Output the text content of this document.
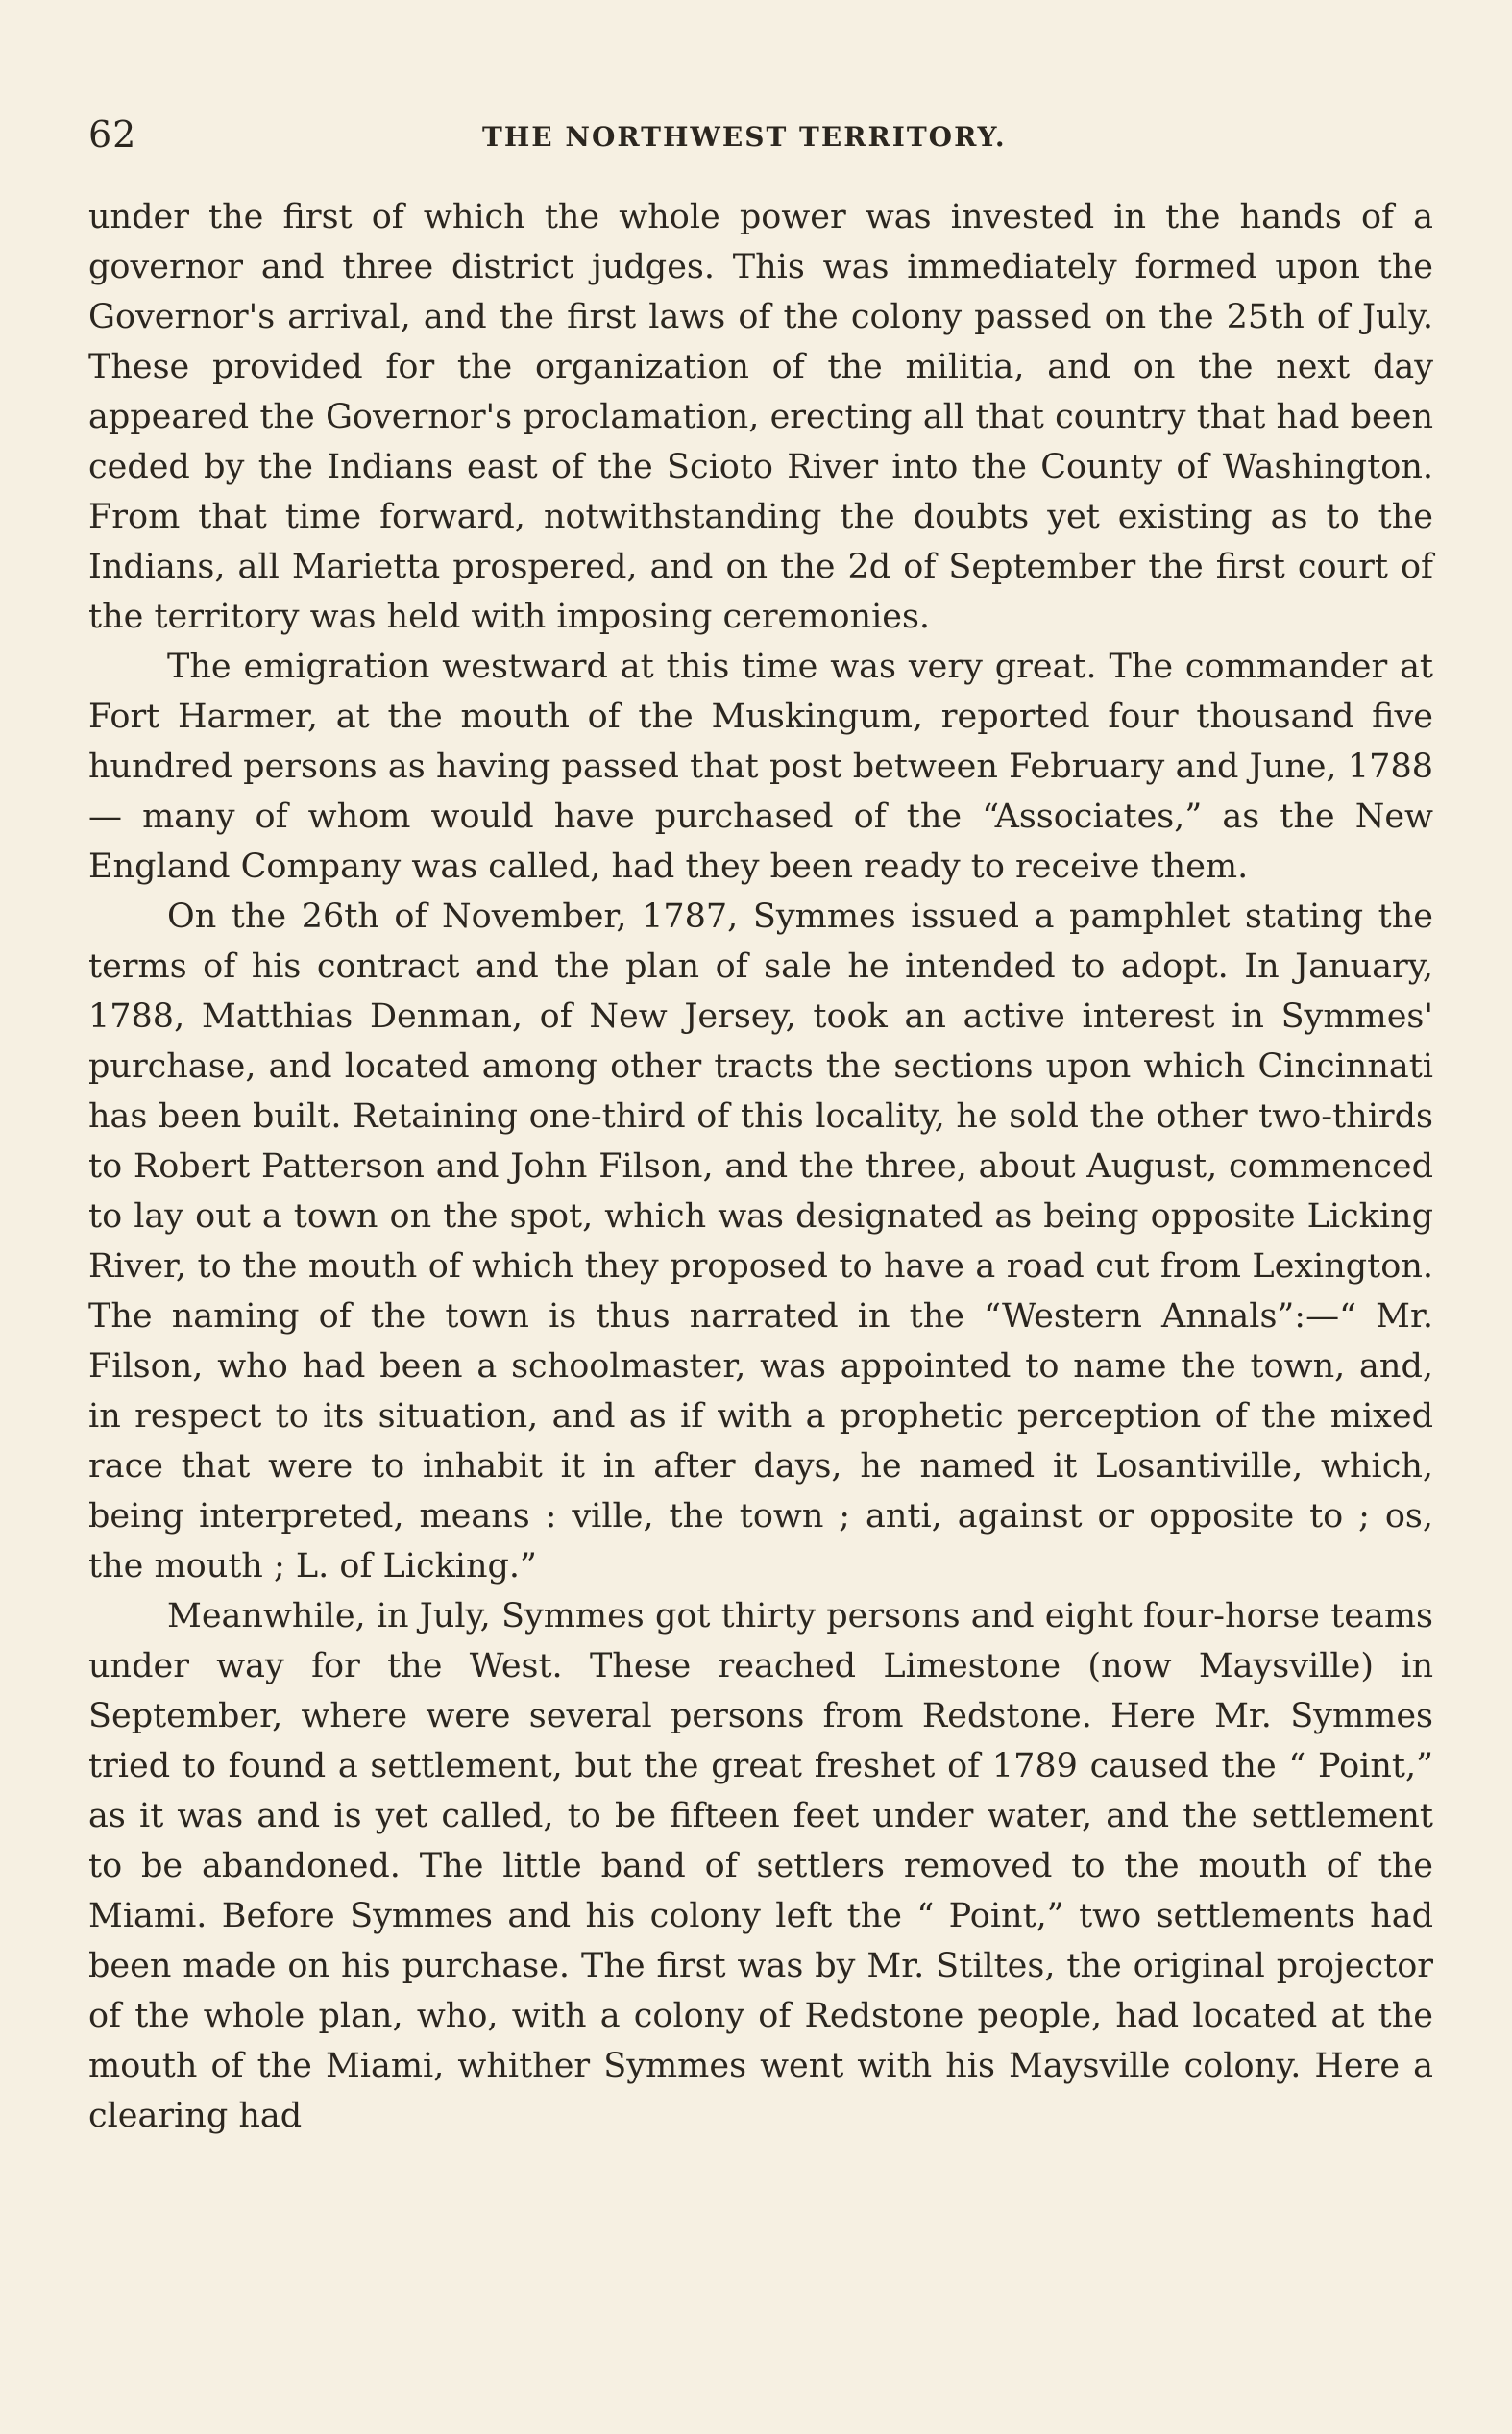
62	THE NORTHWEST TERRITORY.

under the first of which the whole power was invested in the hands of a governor and three district judges. This was immediately formed upon the Governor's arrival, and the first laws of the colony passed on the 25th of July. These provided for the organization of the militia, and on the next day appeared the Governor's proclamation, erecting all that country that had been ceded by the Indians east of the Scioto River into the County of Washington. From that time forward, notwithstanding the doubts yet existing as to the Indians, all Marietta prospered, and on the 2d of September the first court of the territory was held with imposing ceremonies.

The emigration westward at this time was very great. The commander at Fort Harmer, at the mouth of the Muskingum, reported four thousand five hundred persons as having passed that post between February and June, 1788 — many of whom would have purchased of the “Associates,” as the New England Company was called, had they been ready to receive them.

On the 26th of November, 1787, Symmes issued a pamphlet stating the terms of his contract and the plan of sale he intended to adopt. In January, 1788, Matthias Denman, of New Jersey, took an active interest in Symmes' purchase, and located among other tracts the sections upon which Cincinnati has been built. Retaining one-third of this locality, he sold the other two-thirds to Robert Patterson and John Filson, and the three, about August, commenced to lay out a town on the spot, which was designated as being opposite Licking River, to the mouth of which they proposed to have a road cut from Lexington. The naming of the town is thus narrated in the “Western Annals”:—“ Mr. Filson, who had been a schoolmaster, was appointed to name the town, and, in respect to its situation, and as if with a prophetic perception of the mixed race that were to inhabit it in after days, he named it Losantiville, which, being interpreted, means : ville, the town ; anti, against or opposite to ; os, the mouth ; L. of Licking.”

Meanwhile, in July, Symmes got thirty persons and eight four-horse teams under way for the West. These reached Limestone (now Maysville) in September, where were several persons from Redstone. Here Mr. Symmes tried to found a settlement, but the great freshet of 1789 caused the “ Point,” as it was and is yet called, to be fifteen feet under water, and the settlement to be abandoned. The little band of settlers removed to the mouth of the Miami. Before Symmes and his colony left the “ Point,” two settlements had been made on his purchase. The first was by Mr. Stiltes, the original projector of the whole plan, who, with a colony of Redstone people, had located at the mouth of the Miami, whither Symmes went with his Maysville colony. Here a clearing had
